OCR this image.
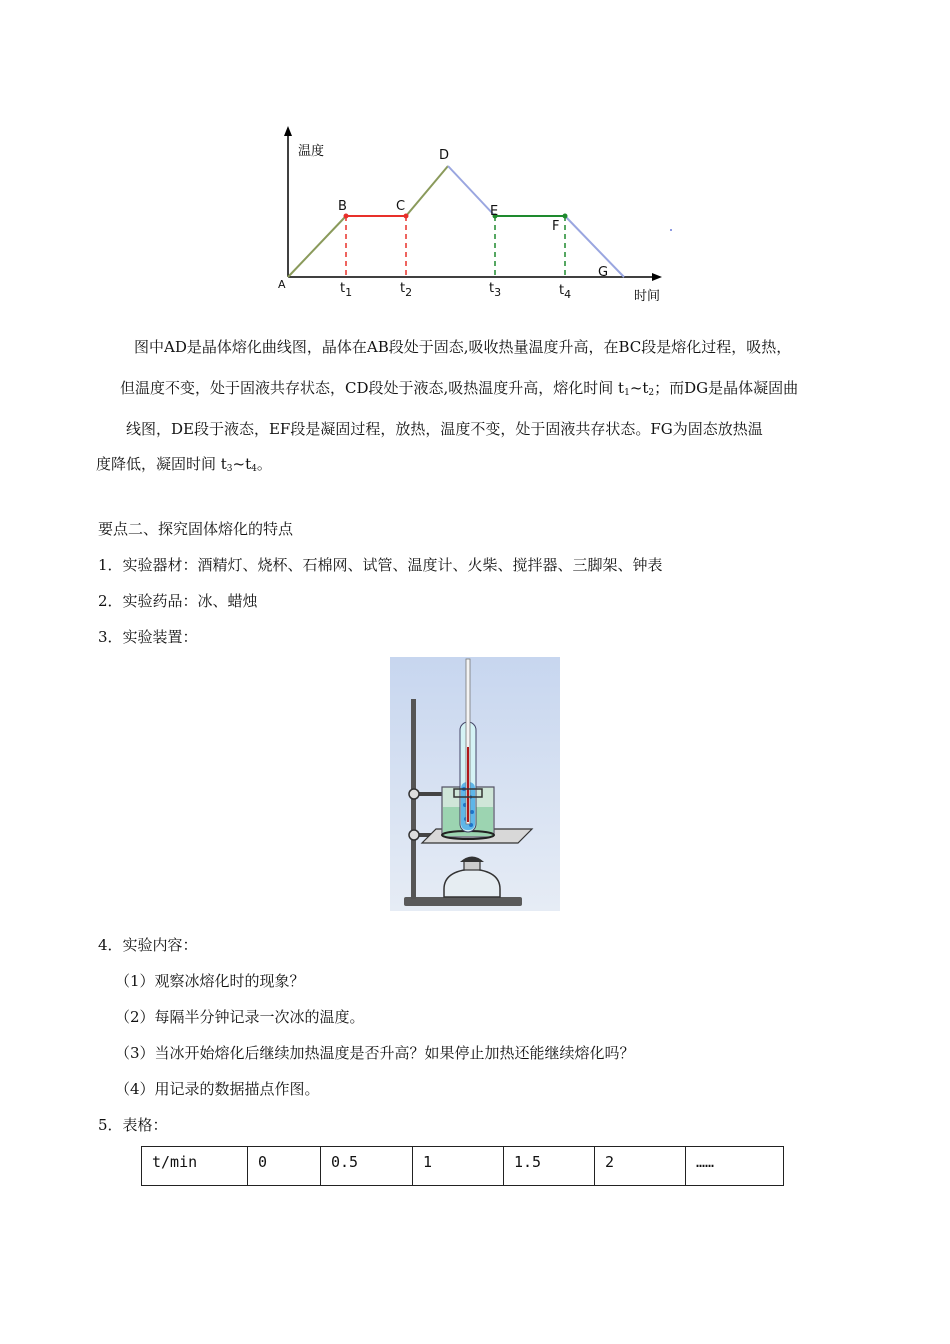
温度
时间
A
B	C
D
E
F
G
$t_1$	$t_2$	$t_3$	$t_4$
图中AD是晶体熔化曲线图，晶体在AB段处于固态,吸收热量温度升高，在BC段是熔化过程，吸热，
但温度不变，处于固液共存状态，CD段处于液态,吸热温度升高，熔化时间 $t_1\sim t_2$；而DG是晶体凝固曲
线图，DE段于液态，EF段是凝固过程，放热，温度不变，处于固液共存状态。FG为固态放热温
度降低，凝固时间 $t_3\sim t_4$。
要点二、探究固体熔化的特点
1．实验器材：酒精灯、烧杯、石棉网、试管、温度计、火柴、搅拌器、三脚架、钟表
2．实验药品：冰、蜡烛
3．实验装置：
4．实验内容：
（1）观察冰熔化时的现象？
（2）每隔半分钟记录一次冰的温度。
（3）当冰开始熔化后继续加热温度是否升高？如果停止加热还能继续熔化吗？
（4）用记录的数据描点作图。
5．表格：
t/min	0	0.5	1	1.5	2	……
